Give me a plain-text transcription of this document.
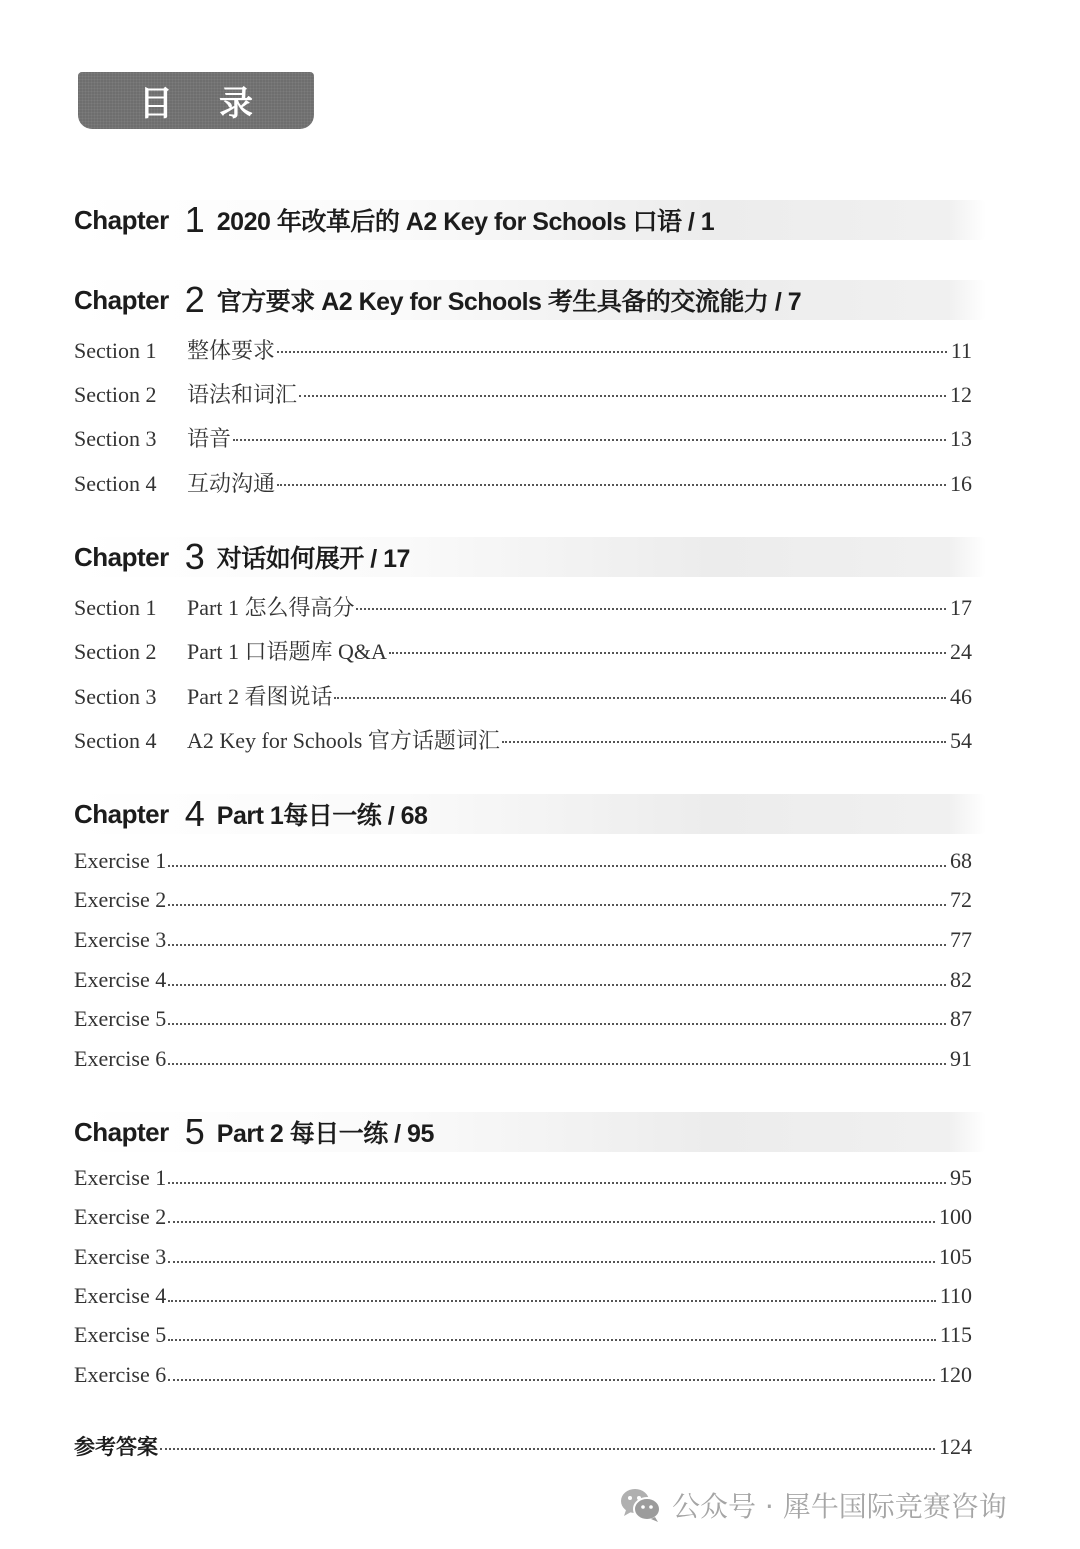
目录
Chapter 1 2020 年改革后的 A2 Key for Schools 口语 / 1
Chapter 2 官方要求 A2 Key for Schools 考生具备的交流能力 / 7
Section 1	整体要求	11
Section 2	语法和词汇	12
Section 3	语音	13
Section 4	互动沟通	16
Chapter 3 对话如何展开 / 17
Section 1	Part 1 怎么得高分	17
Section 2	Part 1 口语题库 Q&A	24
Section 3	Part 2 看图说话	46
Section 4	A2 Key for Schools 官方话题词汇	54
Chapter 4 Part 1每日一练 / 68
Exercise 1	68
Exercise 2	72
Exercise 3	77
Exercise 4	82
Exercise 5	87
Exercise 6	91
Chapter 5 Part 2 每日一练 / 95
Exercise 1	95
Exercise 2	100
Exercise 3	105
Exercise 4	110
Exercise 5	115
Exercise 6	120
参考答案	124
公众号 · 犀牛国际竞赛咨询
